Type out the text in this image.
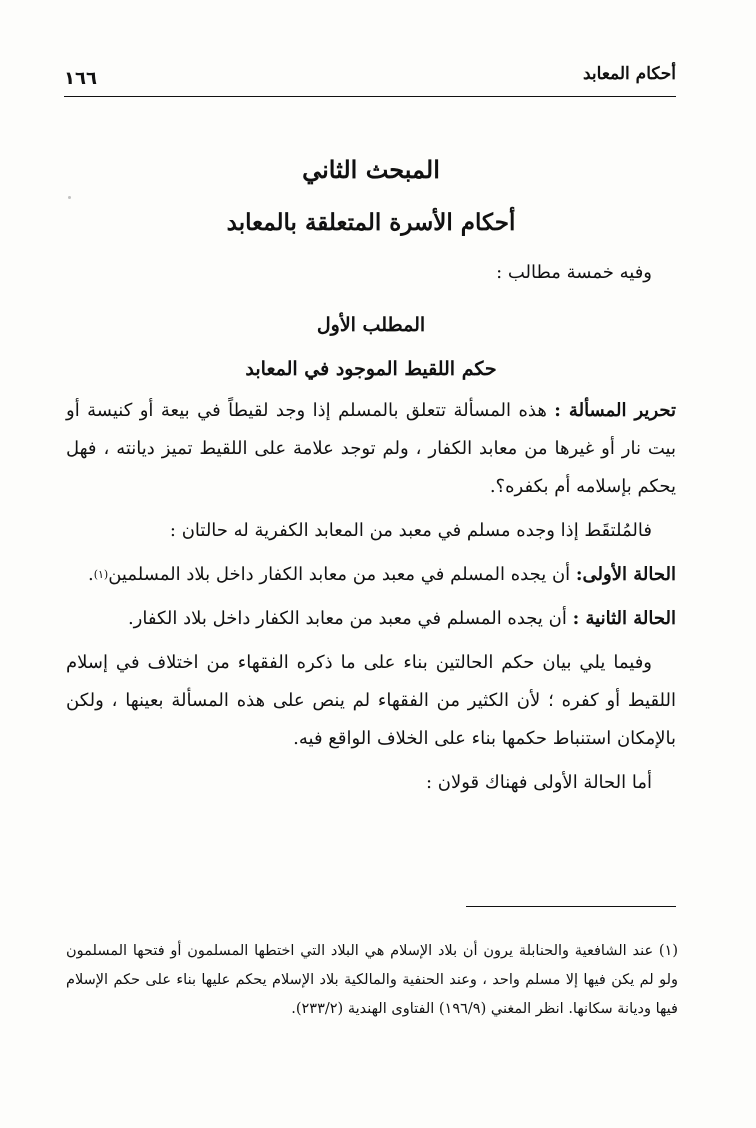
أحكام المعابد
١٦٦
المبحث الثاني
أحكام الأسرة المتعلقة بالمعابد

وفيه خمسة مطالب :

المطلب الأول
حكم اللقيط الموجود في المعابد

تحرير المسألة : هذه المسألة تتعلق بالمسلم إذا وجد لقيطاً في بيعة أو كنيسة أو بيت نار أو غيرها من معابد الكفار ، ولم توجد علامة على اللقيط تميز ديانته ، فهل يحكم بإسلامه أم بكفره؟.

فالمُلتقَط إذا وجده مسلم في معبد من المعابد الكفرية له حالتان :

الحالة الأولى: أن يجده المسلم في معبد من معابد الكفار داخل بلاد المسلمين$^{(١)}$.

الحالة الثانية : أن يجده المسلم في معبد من معابد الكفار داخل بلاد الكفار.

وفيما يلي بيان حكم الحالتين بناء على ما ذكره الفقهاء من اختلاف في إسلام اللقيط أو كفره ؛ لأن الكثير من الفقهاء لم ينص على هذه المسألة بعينها ، ولكن بالإمكان استنباط حكمها بناء على الخلاف الواقع فيه.

أما الحالة الأولى فهناك قولان :

(١) عند الشافعية والحنابلة يرون أن بلاد الإسلام هي البلاد التي اختطها المسلمون أو فتحها المسلمون ولو لم يكن فيها إلا مسلم واحد ، وعند الحنفية والمالكية بلاد الإسلام يحكم عليها بناء على حكم الإسلام فيها وديانة سكانها. انظر المغني (١٩٦/٩) الفتاوى الهندية (٢٣٣/٢).
